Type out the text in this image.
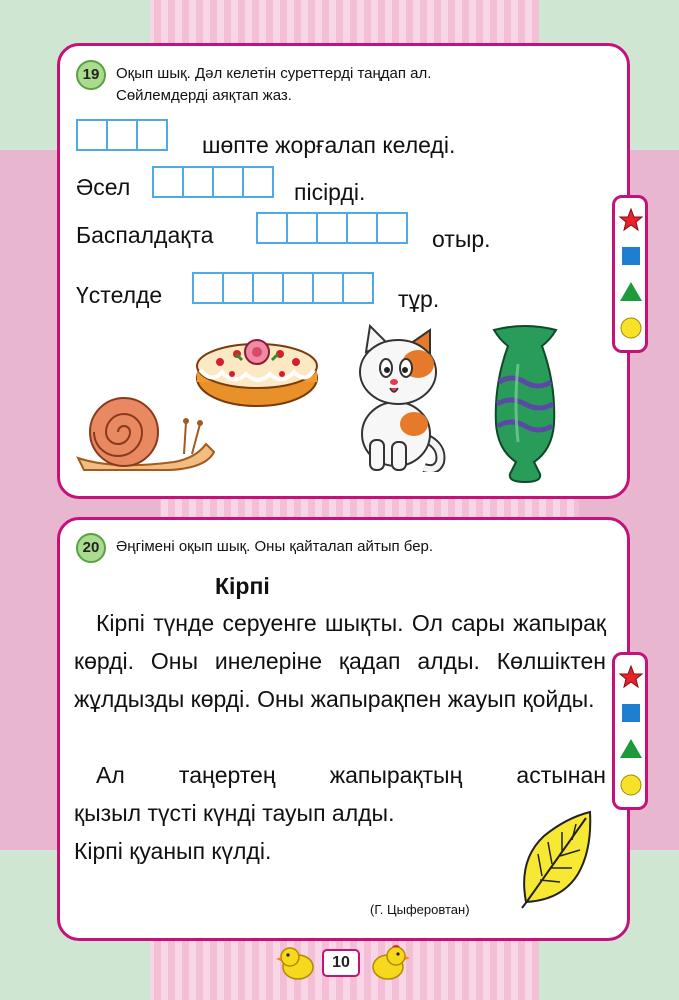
19	Оқып шық. Дәл келетін суреттерді таңдап ал.
Сөйлемдерді аяқтап жаз.
шөпте жорғалап келеді.
Әсел	пісірді.
Баспалдақта	отыр.
Үстелде	тұр.
20	Әңгімені оқып шық. Оны қайталап айтып бер.
Кірпі
Кірпі түнде серуенге шықты. Ол сары жапырақ көрді. Оны инелеріне қадап алды. Көлшіктен жұлдызды көрді. Оны жапырақпен жауып қойды.
Ал таңертең жапырақтың астынан
қызыл түсті күнді тауып алды.
Кірпі қуанып күлді.
(Г. Цыферовтан)
10
